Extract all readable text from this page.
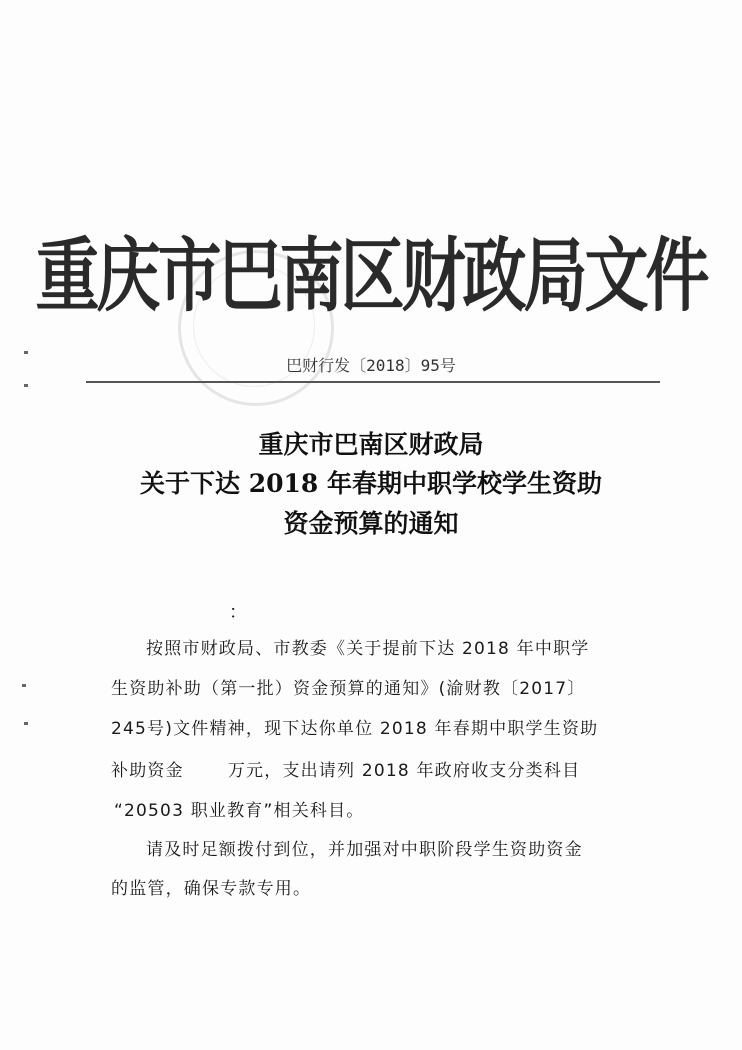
重庆市巴南区财政局文件
巴财行发〔2018〕95号
重庆市巴南区财政局
关于下达 2018 年春期中职学校学生资助
资金预算的通知
：
按照市财政局、市教委《关于提前下达 2018 年中职学
生资助补助（第一批）资金预算的通知》(渝财教〔2017〕
245号)文件精神，现下达你单位 2018 年春期中职学生资助
补助资金	万元，支出请列 2018 年政府收支分类科目
“20503 职业教育”相关科目。
请及时足额拨付到位，并加强对中职阶段学生资助资金
的监管，确保专款专用。
